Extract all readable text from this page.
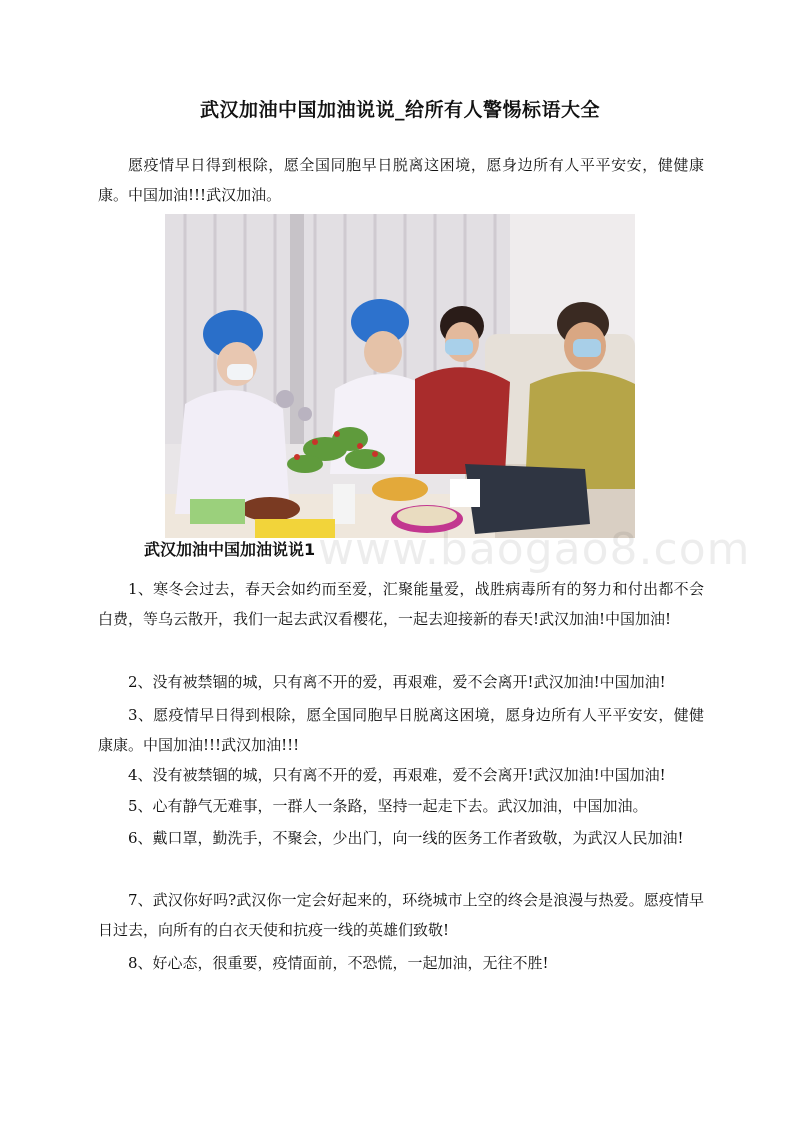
武汉加油中国加油说说_给所有人警惕标语大全

愿疫情早日得到根除，愿全国同胞早日脱离这困境，愿身边所有人平平安安，健健康康。中国加油!!!武汉加油。

www.baogao8.com
武汉加油中国加油说说1

1、寒冬会过去，春天会如约而至爱，汇聚能量爱，战胜病毒所有的努力和付出都不会白费，等乌云散开，我们一起去武汉看樱花，一起去迎接新的春天!武汉加油!中国加油!

2、没有被禁锢的城，只有离不开的爱，再艰难，爱不会离开!武汉加油!中国加油!

3、愿疫情早日得到根除，愿全国同胞早日脱离这困境，愿身边所有人平平安安，健健康康。中国加油!!!武汉加油!!!

4、没有被禁锢的城，只有离不开的爱，再艰难，爱不会离开!武汉加油!中国加油!

5、心有静气无难事，一群人一条路，坚持一起走下去。武汉加油，中国加油。

6、戴口罩，勤洗手，不聚会，少出门，向一线的医务工作者致敬，为武汉人民加油!

7、武汉你好吗?武汉你一定会好起来的，环绕城市上空的终会是浪漫与热爱。愿疫情早日过去，向所有的白衣天使和抗疫一线的英雄们致敬!

8、好心态，很重要，疫情面前，不恐慌，一起加油，无往不胜!
